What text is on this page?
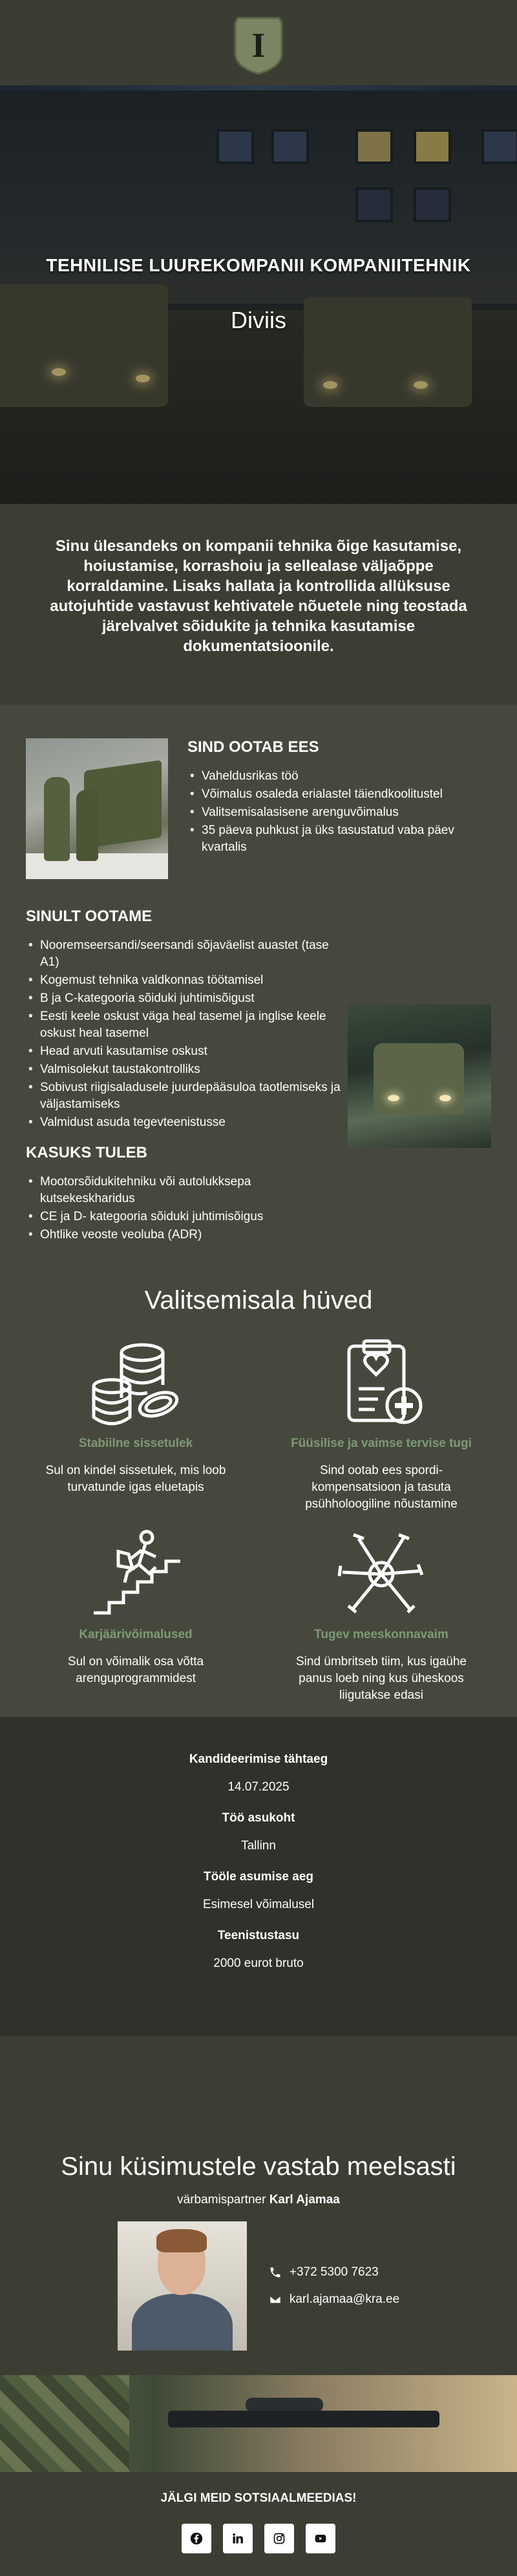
I
TEHNILISE LUUREKOMPANII KOMPANIITEHNIK
Diviis
Sinu ülesandeks on kompanii tehnika õige kasutamise, hoiustamise, korrashoiu ja sellealase väljaõppe korraldamine. Lisaks hallata ja kontrollida allüksuse autojuhtide vastavust kehtivatele nõuetele ning teostada järelvalvet sõidukite ja tehnika kasutamise dokumentatsioonile.
SIND OOTAB EES
• Vaheldusrikas töö
• Võimalus osaleda erialastel täiendkoolitustel
• Valitsemisalasisene arenguvõimalus
• 35 päeva puhkust ja üks tasustatud vaba päev kvartalis
SINULT OOTAME
• Nooremseersandi/seersandi sõjaväelist auastet (tase A1)
• Kogemust tehnika valdkonnas töötamisel
• B ja C-kategooria sõiduki juhtimisõigust
• Eesti keele oskust väga heal tasemel ja inglise keele oskust heal tasemel
• Head arvuti kasutamise oskust
• Valmisolekut taustakontrolliks
• Sobivust riigisaladusele juurdepääsuloa taotlemiseks ja väljastamiseks
• Valmidust asuda tegevteenistusse
KASUKS TULEB
• Mootorsõidukitehniku või autolukksepa kutsekeskharidus
• CE ja D- kategooria sõiduki juhtimisõigus
• Ohtlike veoste veoluba (ADR)
Valitsemisala hüved
Stabiilne sissetulek
Sul on kindel sissetulek, mis loob turvatunde igas eluetapis
Füüsilise ja vaimse tervise tugi
Sind ootab ees spordi- kompensatsioon ja tasuta psühholoogiline nõustamine
Karjäärivõimalused
Sul on võimalik osa võtta arenguprogrammidest
Tugev meeskonnavaim
Sind ümbritseb tiim, kus igaühe panus loeb ning kus üheskoos liigutakse edasi
Kandideerimise tähtaeg
14.07.2025
Töö asukoht
Tallinn
Tööle asumise aeg
Esimesel võimalusel
Teenistustasu
2000 eurot bruto
Sinu küsimustele vastab meelsasti
värbamispartner Karl Ajamaa
+372 5300 7623
karl.ajamaa@kra.ee
JÄLGI MEID SOTSIAALMEEDIAS!
